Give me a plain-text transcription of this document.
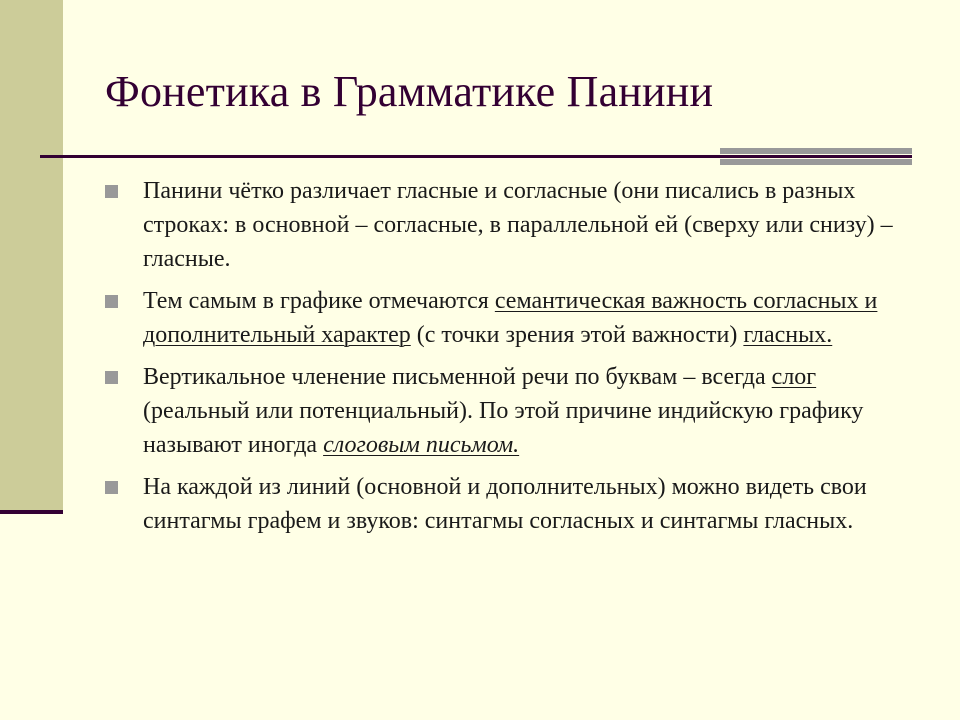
Фонетика в Грамматике Панини
Панини чётко различает гласные и согласные (они писались в разных строках: в основной – согласные, в параллельной ей (сверху или снизу) – гласные.
Тем самым в графике отмечаются семантическая важность согласных и дополнительный характер (с точки зрения этой важности) гласных.
Вертикальное членение письменной речи по буквам – всегда слог (реальный или потенциальный). По этой причине индийскую графику называют иногда слоговым письмом.
На каждой из линий (основной и дополнительных) можно видеть свои синтагмы графем и звуков: синтагмы согласных и синтагмы гласных.
